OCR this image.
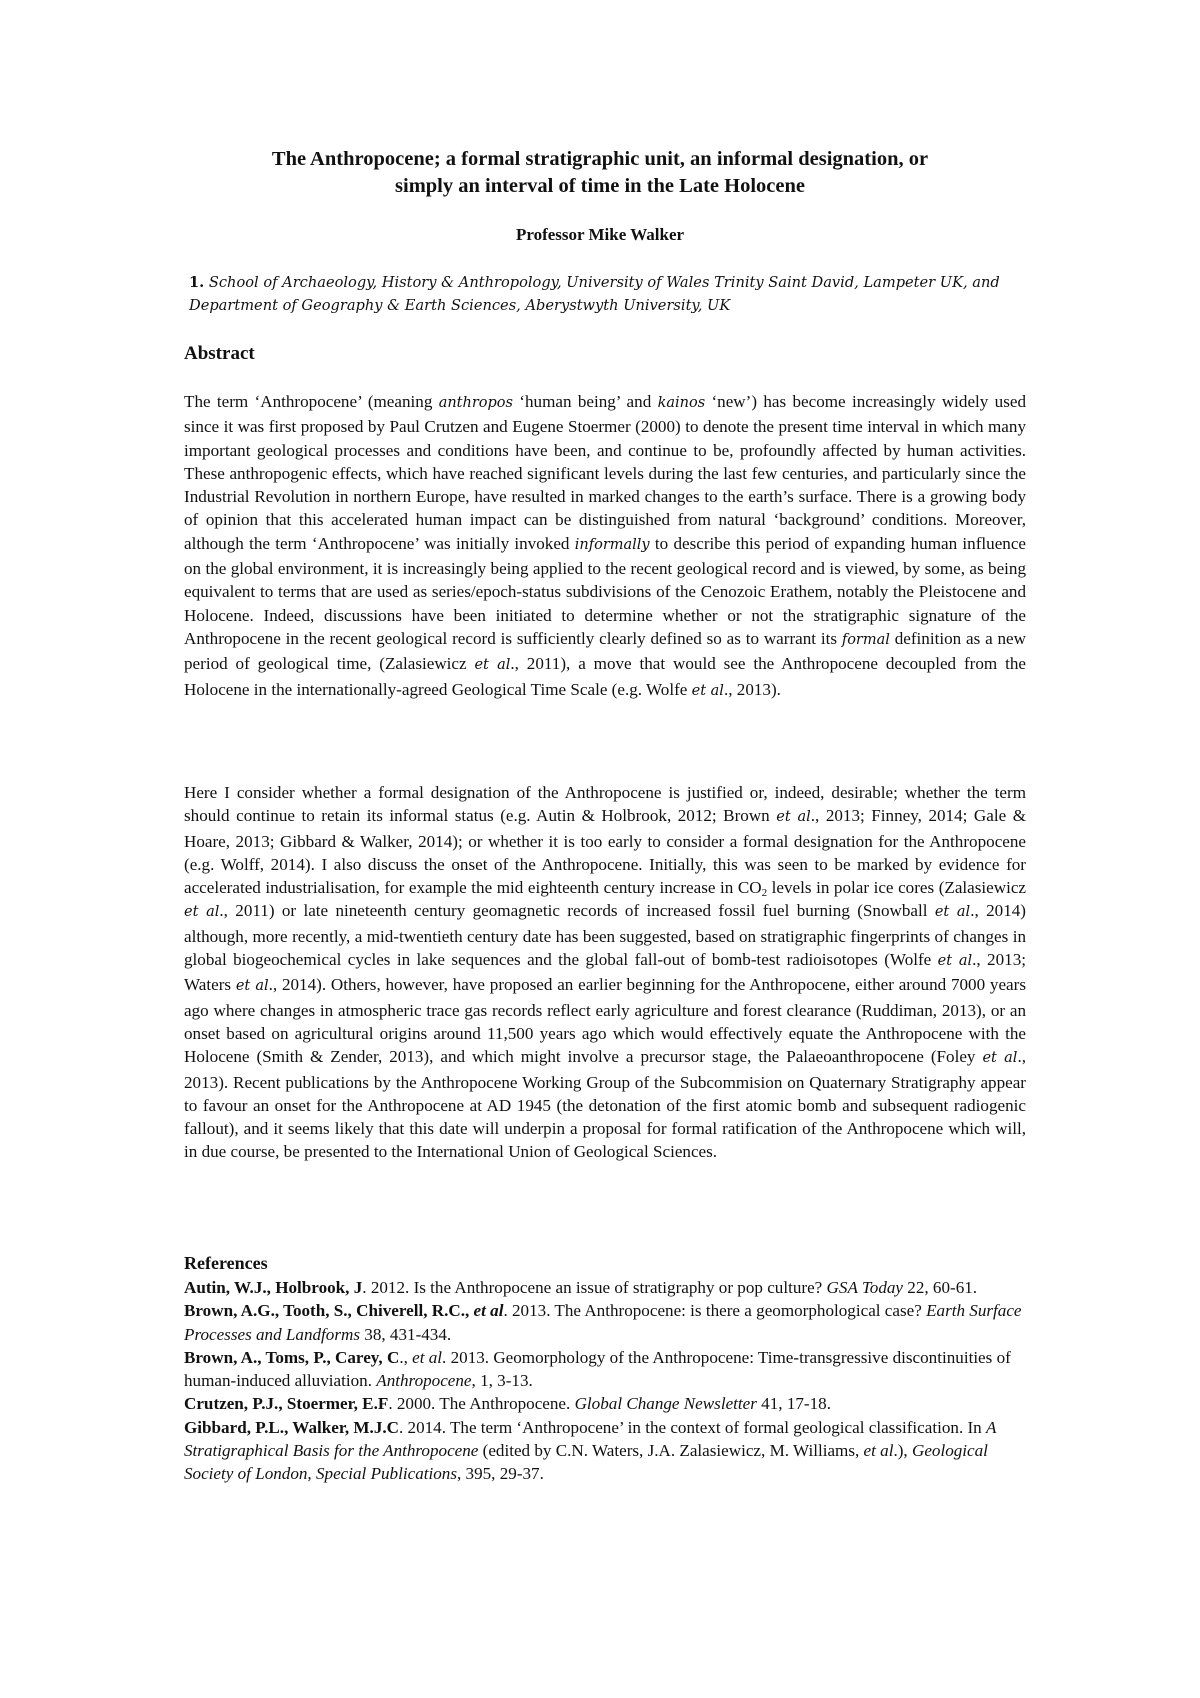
The Anthropocene; a formal stratigraphic unit, an informal designation, or
simply an interval of time in the Late Holocene
Professor Mike Walker
1. School of Archaeology, History & Anthropology, University of Wales Trinity Saint David, Lampeter UK, and Department of Geography & Earth Sciences, Aberystwyth University, UK
Abstract

The term ‘Anthropocene’ (meaning anthropos ‘human being’ and kainos ‘new’) has become increasingly widely used since it was first proposed by Paul Crutzen and Eugene Stoermer (2000) to denote the present time interval in which many important geological processes and conditions have been, and continue to be, profoundly affected by human activities. These anthropogenic effects, which have reached significant levels during the last few centuries, and particularly since the Industrial Revolution in northern Europe, have resulted in marked changes to the earth’s surface. There is a growing body of opinion that this accelerated human impact can be distinguished from natural ‘background’ conditions. Moreover, although the term ‘Anthropocene’ was initially invoked informally to describe this period of expanding human influence on the global environment, it is increasingly being applied to the recent geological record and is viewed, by some, as being equivalent to terms that are used as series/epoch-status subdivisions of the Cenozoic Erathem, notably the Pleistocene and Holocene. Indeed, discussions have been initiated to determine whether or not the stratigraphic signature of the Anthropocene in the recent geological record is sufficiently clearly defined so as to warrant its formal definition as a new period of geological time, (Zalasiewicz et al., 2011), a move that would see the Anthropocene decoupled from the Holocene in the internationally-agreed Geological Time Scale (e.g. Wolfe et al., 2013).

Here I consider whether a formal designation of the Anthropocene is justified or, indeed, desirable; whether the term should continue to retain its informal status (e.g. Autin & Holbrook, 2012; Brown et al., 2013; Finney, 2014; Gale & Hoare, 2013; Gibbard & Walker, 2014); or whether it is too early to consider a formal designation for the Anthropocene (e.g. Wolff, 2014). I also discuss the onset of the Anthropocene. Initially, this was seen to be marked by evidence for accelerated industrialisation, for example the mid eighteenth century increase in $CO_2$ levels in polar ice cores (Zalasiewicz et al., 2011) or late nineteenth century geomagnetic records of increased fossil fuel burning (Snowball et al., 2014) although, more recently, a mid-twentieth century date has been suggested, based on stratigraphic fingerprints of changes in global biogeochemical cycles in lake sequences and the global fall-out of bomb-test radioisotopes (Wolfe et al., 2013; Waters et al., 2014). Others, however, have proposed an earlier beginning for the Anthropocene, either around 7000 years ago where changes in atmospheric trace gas records reflect early agriculture and forest clearance (Ruddiman, 2013), or an onset based on agricultural origins around 11,500 years ago which would effectively equate the Anthropocene with the Holocene (Smith & Zender, 2013), and which might involve a precursor stage, the Palaeoanthropocene (Foley et al., 2013). Recent publications by the Anthropocene Working Group of the Subcommision on Quaternary Stratigraphy appear to favour an onset for the Anthropocene at AD 1945 (the detonation of the first atomic bomb and subsequent radiogenic fallout), and it seems likely that this date will underpin a proposal for formal ratification of the Anthropocene which will, in due course, be presented to the International Union of Geological Sciences.

References

Autin, W.J., Holbrook, J. 2012. Is the Anthropocene an issue of stratigraphy or pop culture? GSA Today 22, 60-61.

Brown, A.G., Tooth, S., Chiverell, R.C., et al. 2013. The Anthropocene: is there a geomorphological case? Earth Surface Processes and Landforms 38, 431-434.

Brown, A., Toms, P., Carey, C., et al. 2013. Geomorphology of the Anthropocene: Time-transgressive discontinuities of human-induced alluviation. Anthropocene, 1, 3-13.

Crutzen, P.J., Stoermer, E.F. 2000. The Anthropocene. Global Change Newsletter 41, 17-18.

Gibbard, P.L., Walker, M.J.C. 2014. The term ‘Anthropocene’ in the context of formal geological classification. In A Stratigraphical Basis for the Anthropocene (edited by C.N. Waters, J.A. Zalasiewicz, M. Williams, et al.), Geological Society of London, Special Publications, 395, 29-37.
